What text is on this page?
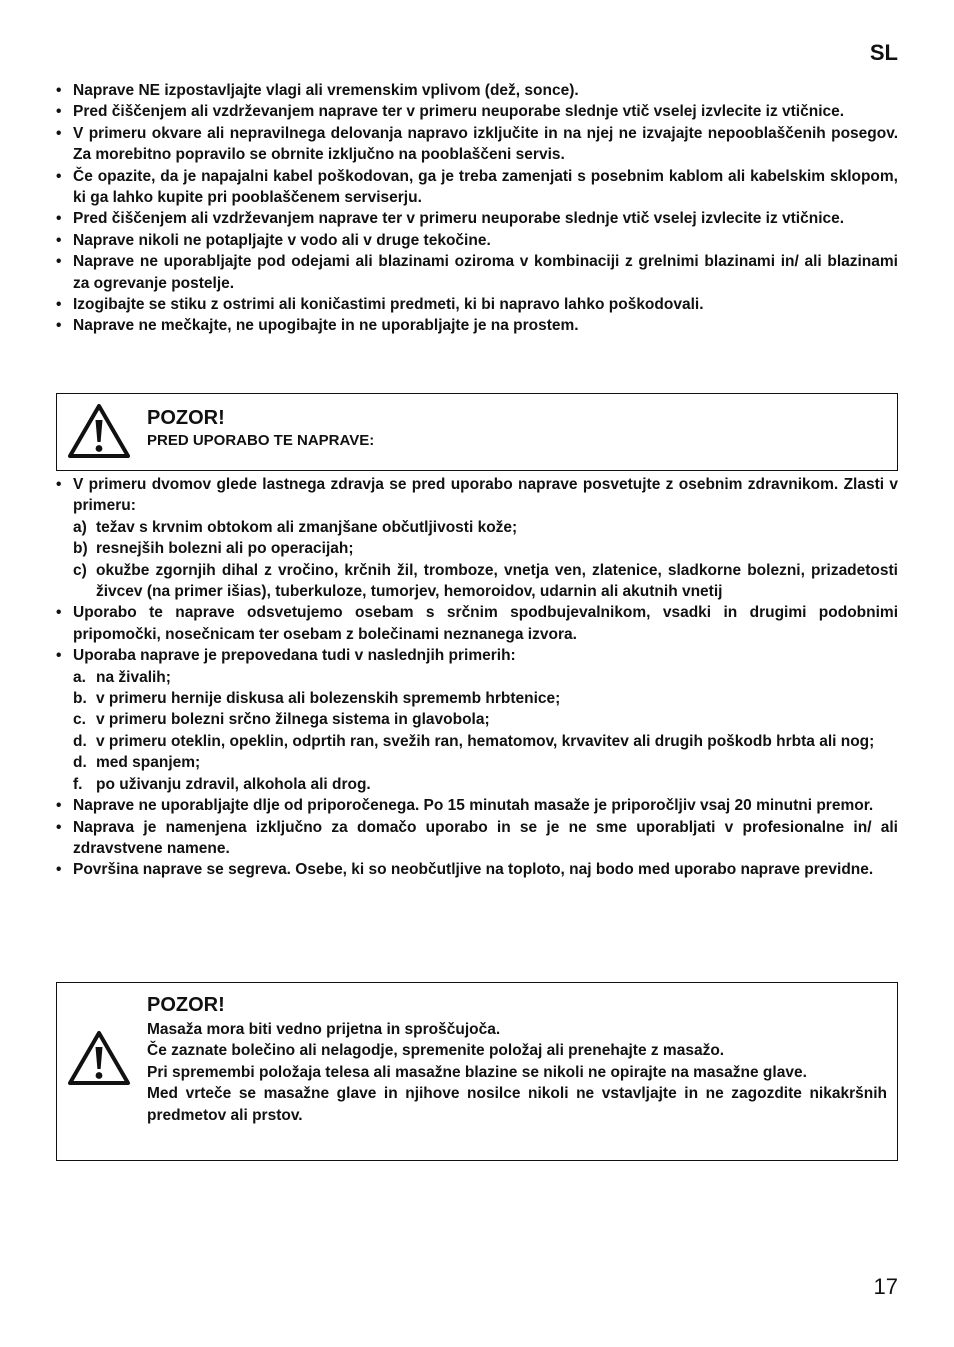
SL
• Naprave NE izpostavljajte vlagi ali vremenskim vplivom (dež, sonce).
• Pred čiščenjem ali vzdrževanjem naprave ter v primeru neuporabe slednje vtič vselej izvlecite iz vtičnice.
• V primeru okvare ali nepravilnega delovanja napravo izključite in na njej ne izvajajte nepooblaščenih posegov. Za morebitno popravilo se obrnite izključno na pooblaščeni servis.
• Če opazite, da je napajalni kabel poškodovan, ga je treba zamenjati s posebnim kablom ali kabelskim sklopom, ki ga lahko kupite pri pooblaščenem serviserju.
• Pred čiščenjem ali vzdrževanjem naprave ter v primeru neuporabe slednje vtič vselej izvlecite iz vtičnice.
• Naprave nikoli ne potapljajte v vodo ali v druge tekočine.
• Naprave ne uporabljajte pod odejami ali blazinami oziroma v kombinaciji z grelnimi blazinami in/ ali blazinami za ogrevanje postelje.
• Izogibajte se stiku z ostrimi ali koničastimi predmeti, ki bi napravo lahko poškodovali.
• Naprave ne mečkajte, ne upogibajte in ne uporabljajte je na prostem.
POZOR!
PRED UPORABO TE NAPRAVE:
• V primeru dvomov glede lastnega zdravja se pred uporabo naprave posvetujte z osebnim zdravnikom. Zlasti v primeru:
a) težav s krvnim obtokom ali zmanjšane občutljivosti kože;
b) resnejših bolezni ali po operacijah;
c) okužbe zgornjih dihal z vročino, krčnih žil, tromboze, vnetja ven, zlatenice, sladkorne bolezni, prizadetosti živcev (na primer išias), tuberkuloze, tumorjev, hemoroidov, udarnin ali akutnih vnetij
• Uporabo te naprave odsvetujemo osebam s srčnim spodbujevalnikom, vsadki in drugimi podobnimi pripomočki, nosečnicam ter osebam z bolečinami neznanega izvora.
• Uporaba naprave je prepovedana tudi v naslednjih primerih:
a. na živalih;
b. v primeru hernije diskusa ali bolezenskih sprememb hrbtenice;
c. v primeru bolezni srčno žilnega sistema in glavobola;
d. v primeru oteklin, opeklin, odprtih ran, svežih ran, hematomov, krvavitev ali drugih poškodb hrbta ali nog;
d. med spanjem;
f. po uživanju zdravil, alkohola ali drog.
• Naprave ne uporabljajte dlje od priporočenega. Po 15 minutah masaže je priporočljiv vsaj 20 minutni premor.
• Naprava je namenjena izključno za domačo uporabo in se je ne sme uporabljati v profesionalne in/ ali zdravstvene namene.
• Površina naprave se segreva. Osebe, ki so neobčutljive na toploto, naj bodo med uporabo naprave previdne.
POZOR!

Masaža mora biti vedno prijetna in sproščujoča.

Če zaznate bolečino ali nelagodje, spremenite položaj ali prenehajte z masažo.

Pri spremembi položaja telesa ali masažne blazine se nikoli ne opirajte na masažne glave.

Med vrteče se masažne glave in njihove nosilce nikoli ne vstavljajte in ne zagozdite nikakršnih predmetov ali prstov.

17
